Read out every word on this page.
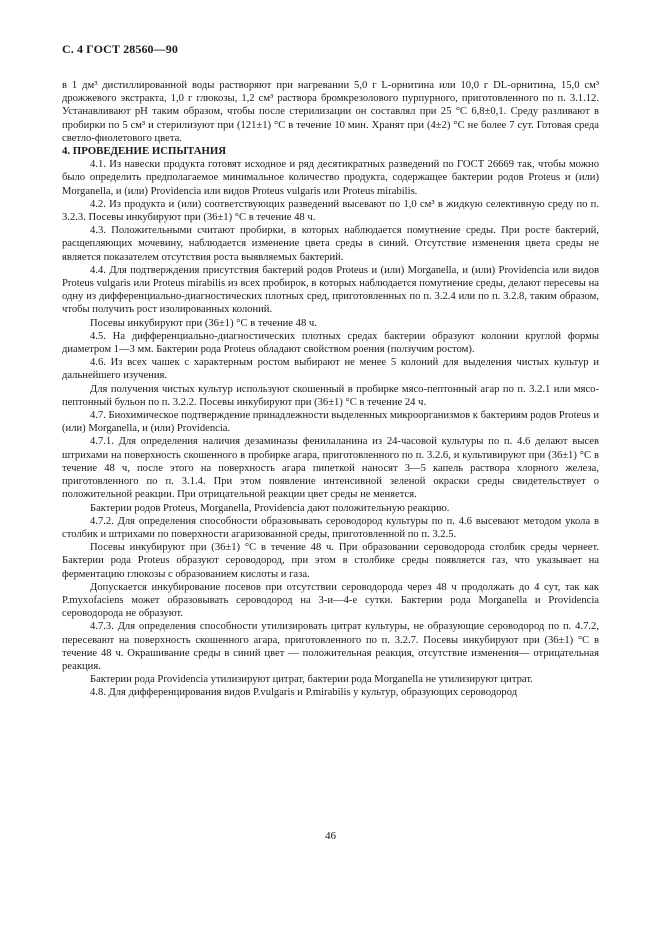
С. 4 ГОСТ 28560—90

в 1 дм³ дистиллированной воды растворяют при нагревании 5,0 г L-орнитина или 10,0 г DL-орнитина, 15,0 см³ дрожжевого экстракта, 1,0 г глюкозы, 1,2 см³ раствора бромкрезолового пурпурного, приготовленного по п. 3.1.12. Устанавливают pH таким образом, чтобы после стерилизации он составлял при 25 °С 6,8±0,1. Среду разливают в пробирки по 5 см³ и стерилизуют при (121±1) °С в течение 10 мин. Хранят при (4±2) °С не более 7 сут. Готовая среда светло-фиолетового цвета.

4. ПРОВЕДЕНИЕ ИСПЫТАНИЯ

4.1. Из навески продукта готовят исходное и ряд десятикратных разведений по ГОСТ 26669 так, чтобы можно было определить предполагаемое минимальное количество продукта, содержащее бактерии родов Proteus и (или) Morganella, и (или) Providencia или видов Proteus vulgaris или Proteus mirabilis.

4.2. Из продукта и (или) соответствующих разведений высевают по 1,0 см³ в жидкую селективную среду по п. 3.2.3. Посевы инкубируют при (36±1) °С в течение 48 ч.

4.3. Положительными считают пробирки, в которых наблюдается помутнение среды. При росте бактерий, расщепляющих мочевину, наблюдается изменение цвета среды в синий. Отсутствие изменения цвета среды не является показателем отсутствия роста выявляемых бактерий.

4.4. Для подтверждения присутствия бактерий родов Proteus и (или) Morganella, и (или) Providencia или видов Proteus vulgaris или Proteus mirabilis из всех пробирок, в которых наблюдается помутнение среды, делают пересевы на одну из дифференциально-диагностических плотных сред, приготовленных по п. 3.2.4 или по п. 3.2.8, таким образом, чтобы получить рост изолированных колоний.

Посевы инкубируют при (36±1) °С в течение 48 ч.

4.5. На дифференциально-диагностических плотных средах бактерии образуют колонии круглой формы диаметром 1—3 мм. Бактерии рода Proteus обладают свойством роения (ползучим ростом).

4.6. Из всех чашек с характерным ростом выбирают не менее 5 колоний для выделения чистых культур и дальнейшего изучения.

Для получения чистых культур используют скошенный в пробирке мясо-пептонный агар по п. 3.2.1 или мясо-пептонный бульон по п. 3.2.2. Посевы инкубируют при (36±1) °С в течение 24 ч.

4.7. Биохимическое подтверждение принадлежности выделенных микроорганизмов к бактериям родов Proteus и (или) Morganella, и (или) Providencia.

4.7.1. Для определения наличия дезаминазы фенилаланина из 24-часовой культуры по п. 4.6 делают высев штрихами на поверхность скошенного в пробирке агара, приготовленного по п. 3.2.6, и культивируют при (36±1) °С в течение 48 ч, после этого на поверхность агара пипеткой наносят 3—5 капель раствора хлорного железа, приготовленного по п. 3.1.4. При этом появление интенсивной зеленой окраски среды свидетельствует о положительной реакции. При отрицательной реакции цвет среды не меняется.

Бактерии родов Proteus, Morganella, Providencia дают положительную реакцию.

4.7.2. Для определения способности образовывать сероводород культуры по п. 4.6 высевают методом укола в столбик и штрихами по поверхности агаризованной среды, приготовленной по п. 3.2.5.

Посевы инкубируют при (36±1) °С в течение 48 ч. При образовании сероводорода столбик среды чернеет. Бактерии рода Proteus образуют сероводород, при этом в столбике среды появляется газ, что указывает на ферментацию глюкозы с образованием кислоты и газа.

Допускается инкубирование посевов при отсутствии сероводорода через 48 ч продолжать до 4 сут, так как P.myxofaciens может образовывать сероводород на 3-и—4-е сутки. Бактерии рода Morganella и Providencia сероводорода не образуют.

4.7.3. Для определения способности утилизировать цитрат культуры, не образующие сероводород по п. 4.7.2, пересевают на поверхность скошенного агара, приготовленного по п. 3.2.7. Посевы инкубируют при (36±1) °С в течение 48 ч. Окрашивание среды в синий цвет — положительная реакция, отсутствие изменения— отрицательная реакция.

Бактерии рода Providencia утилизируют цитрат, бактерии рода Morganella не утилизируют цитрат.

4.8. Для дифференцирования видов P.vulgaris и P.mirabilis у культур, образующих сероводород

46
